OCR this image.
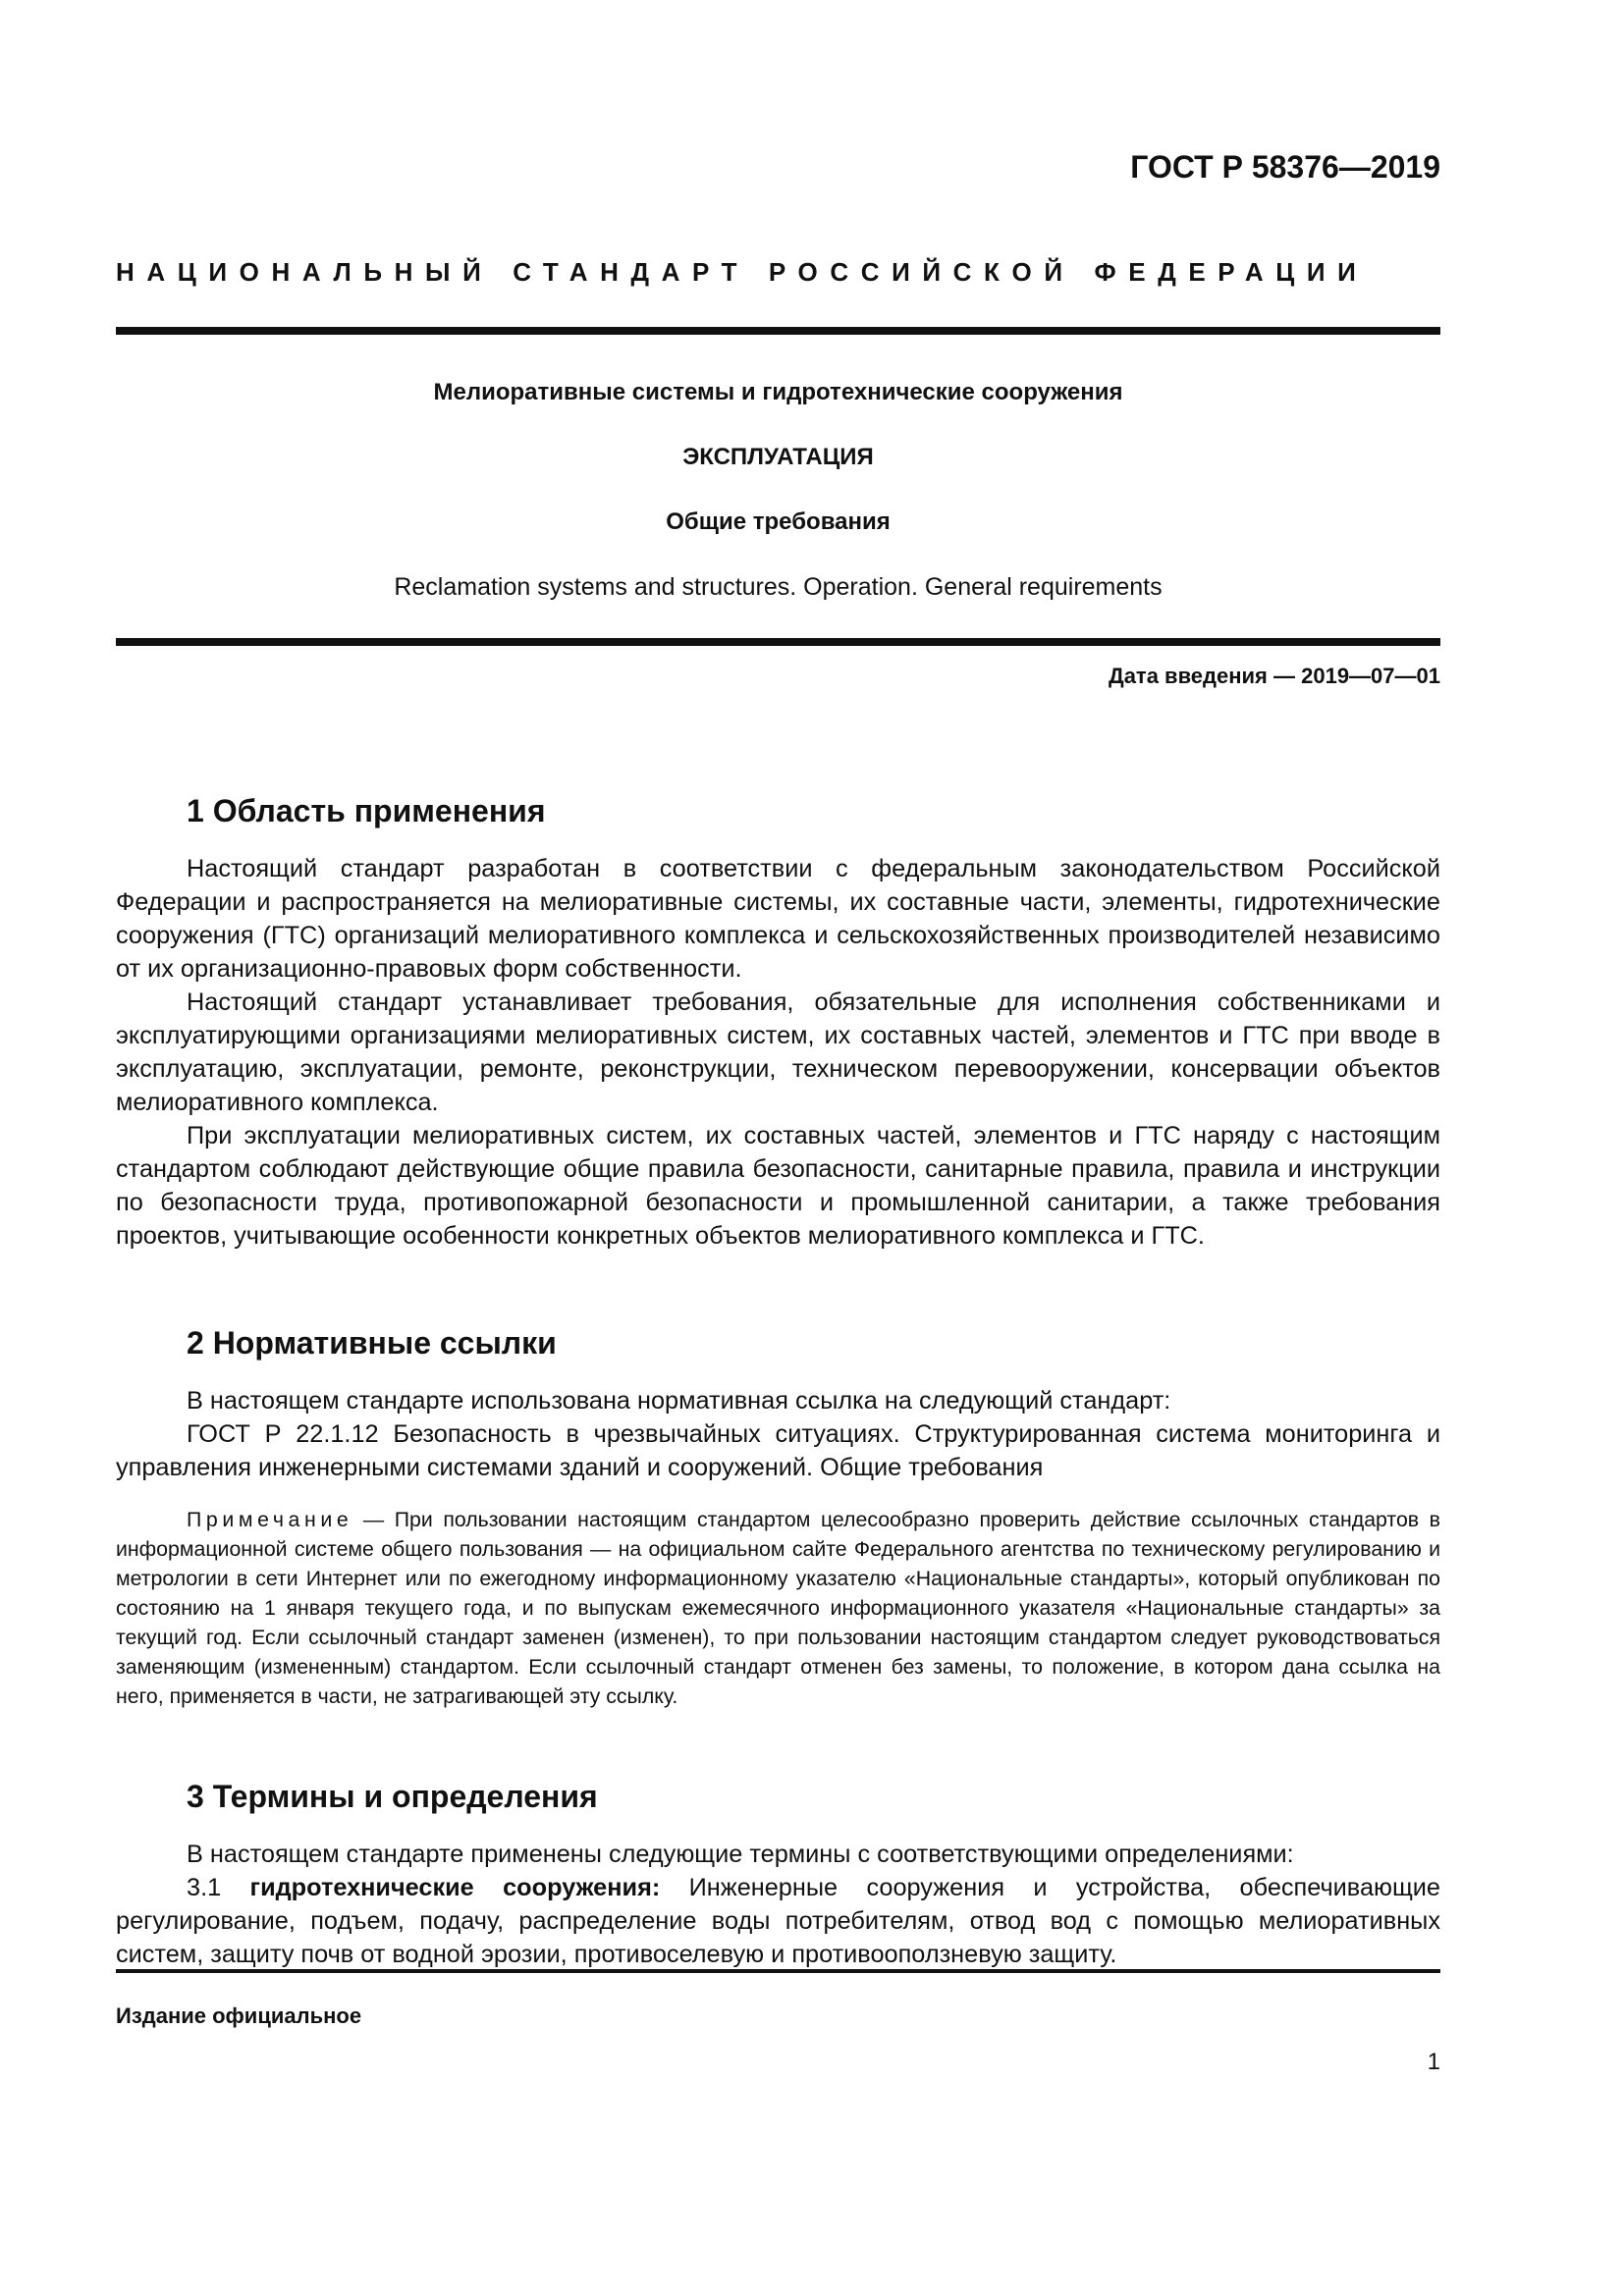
ГОСТ Р 58376—2019
НАЦИОНАЛЬНЫЙ СТАНДАРТ РОССИЙСКОЙ ФЕДЕРАЦИИ
Мелиоративные системы и гидротехнические сооружения
ЭКСПЛУАТАЦИЯ
Общие требования
Reclamation systems and structures. Operation. General requirements
Дата введения — 2019—07—01
1 Область применения

Настоящий стандарт разработан в соответствии с федеральным законодательством Российской Федерации и распространяется на мелиоративные системы, их составные части, элементы, гидротехнические сооружения (ГТС) организаций мелиоративного комплекса и сельскохозяйственных производителей независимо от их организационно-правовых форм собственности.

Настоящий стандарт устанавливает требования, обязательные для исполнения собственниками и эксплуатирующими организациями мелиоративных систем, их составных частей, элементов и ГТС при вводе в эксплуатацию, эксплуатации, ремонте, реконструкции, техническом перевооружении, консервации объектов мелиоративного комплекса.

При эксплуатации мелиоративных систем, их составных частей, элементов и ГТС наряду с настоящим стандартом соблюдают действующие общие правила безопасности, санитарные правила, правила и инструкции по безопасности труда, противопожарной безопасности и промышленной санитарии, а также требования проектов, учитывающие особенности конкретных объектов мелиоративного комплекса и ГТС.

2 Нормативные ссылки

В настоящем стандарте использована нормативная ссылка на следующий стандарт:

ГОСТ Р 22.1.12 Безопасность в чрезвычайных ситуациях. Структурированная система мониторинга и управления инженерными системами зданий и сооружений. Общие требования

Примечание — При пользовании настоящим стандартом целесообразно проверить действие ссылочных стандартов в информационной системе общего пользования — на официальном сайте Федерального агентства по техническому регулированию и метрологии в сети Интернет или по ежегодному информационному указателю «Национальные стандарты», который опубликован по состоянию на 1 января текущего года, и по выпускам ежемесячного информационного указателя «Национальные стандарты» за текущий год. Если ссылочный стандарт заменен (изменен), то при пользовании настоящим стандартом следует руководствоваться заменяющим (измененным) стандартом. Если ссылочный стандарт отменен без замены, то положение, в котором дана ссылка на него, применяется в части, не затрагивающей эту ссылку.

3 Термины и определения

В настоящем стандарте применены следующие термины с соответствующими определениями:

3.1 гидротехнические сооружения: Инженерные сооружения и устройства, обеспечивающие регулирование, подъем, подачу, распределение воды потребителям, отвод вод с помощью мелиоративных систем, защиту почв от водной эрозии, противоселевую и противооползневую защиту.

Издание официальное
1
